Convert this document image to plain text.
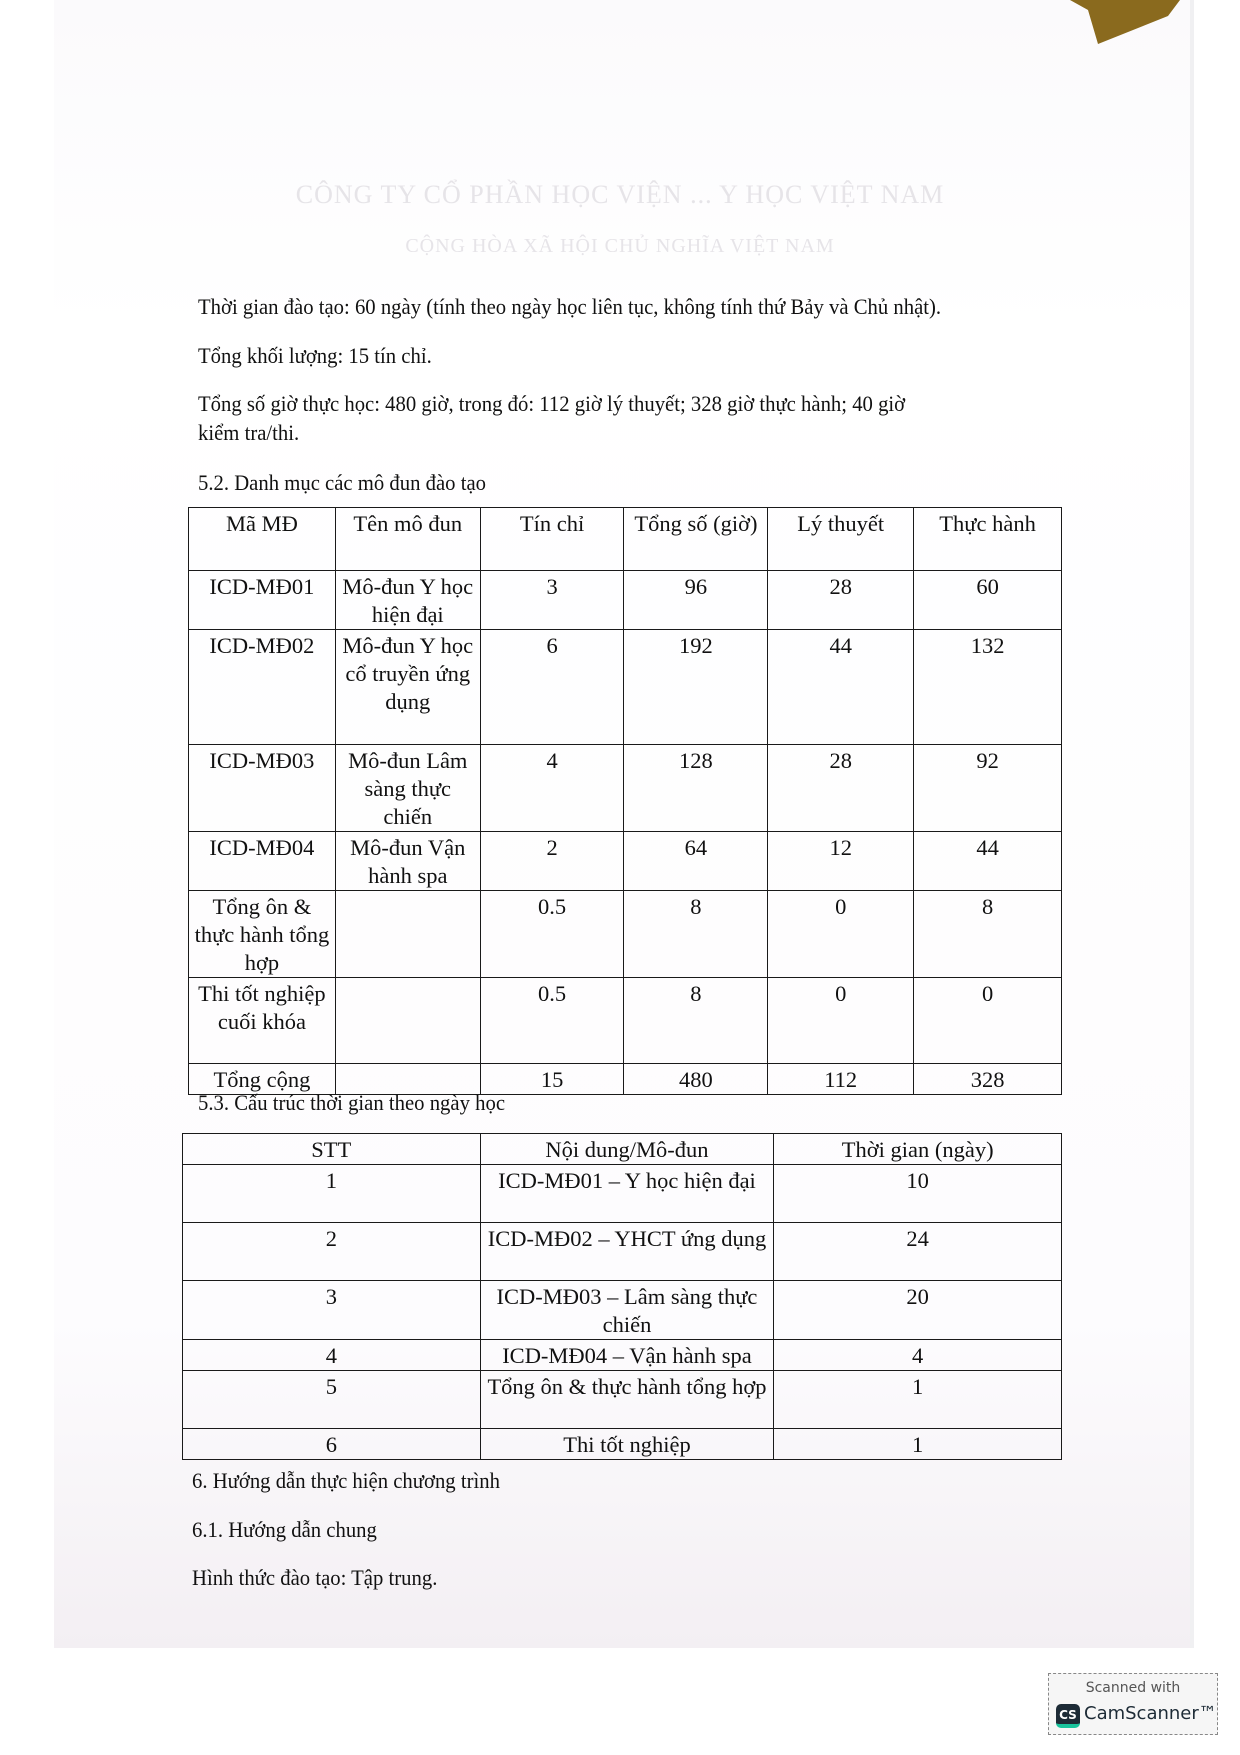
CÔNG TY CỔ PHẦN HỌC VIỆN ... Y HỌC VIỆT NAM
CỘNG HÒA XÃ HỘI CHỦ NGHĨA VIỆT NAM
Thời gian đào tạo: 60 ngày (tính theo ngày học liên tục, không tính thứ Bảy và Chủ nhật).
Tổng khối lượng: 15 tín chỉ.
Tổng số giờ thực học: 480 giờ, trong đó: 112 giờ lý thuyết; 328 giờ thực hành; 40 giờ
kiểm tra/thi.
5.2. Danh mục các mô đun đào tạo
Mã MĐ	Tên mô đun	Tín chỉ	Tổng số (giờ)	Lý thuyết	Thực hành
ICD-MĐ01	Mô-đun Y học hiện đại	3	96	28	60
ICD-MĐ02	Mô-đun Y học cổ truyền ứng dụng	6	192	44	132
ICD-MĐ03	Mô-đun Lâm sàng thực chiến	4	128	28	92
ICD-MĐ04	Mô-đun Vận hành spa	2	64	12	44
Tổng ôn & thực hành tổng hợp		0.5	8	0	8
Thi tốt nghiệp cuối khóa		0.5	8	0	0
Tổng cộng		15	480	112	328
5.3. Cấu trúc thời gian theo ngày học
STT	Nội dung/Mô-đun	Thời gian (ngày)
1	ICD-MĐ01 – Y học hiện đại	10
2	ICD-MĐ02 – YHCT ứng dụng	24
3	ICD-MĐ03 – Lâm sàng thực chiến	20
4	ICD-MĐ04 – Vận hành spa	4
5	Tổng ôn & thực hành tổng hợp	1
6	Thi tốt nghiệp	1
6. Hướng dẫn thực hiện chương trình
6.1. Hướng dẫn chung
Hình thức đào tạo: Tập trung.
Scanned with
CS CamScanner™
